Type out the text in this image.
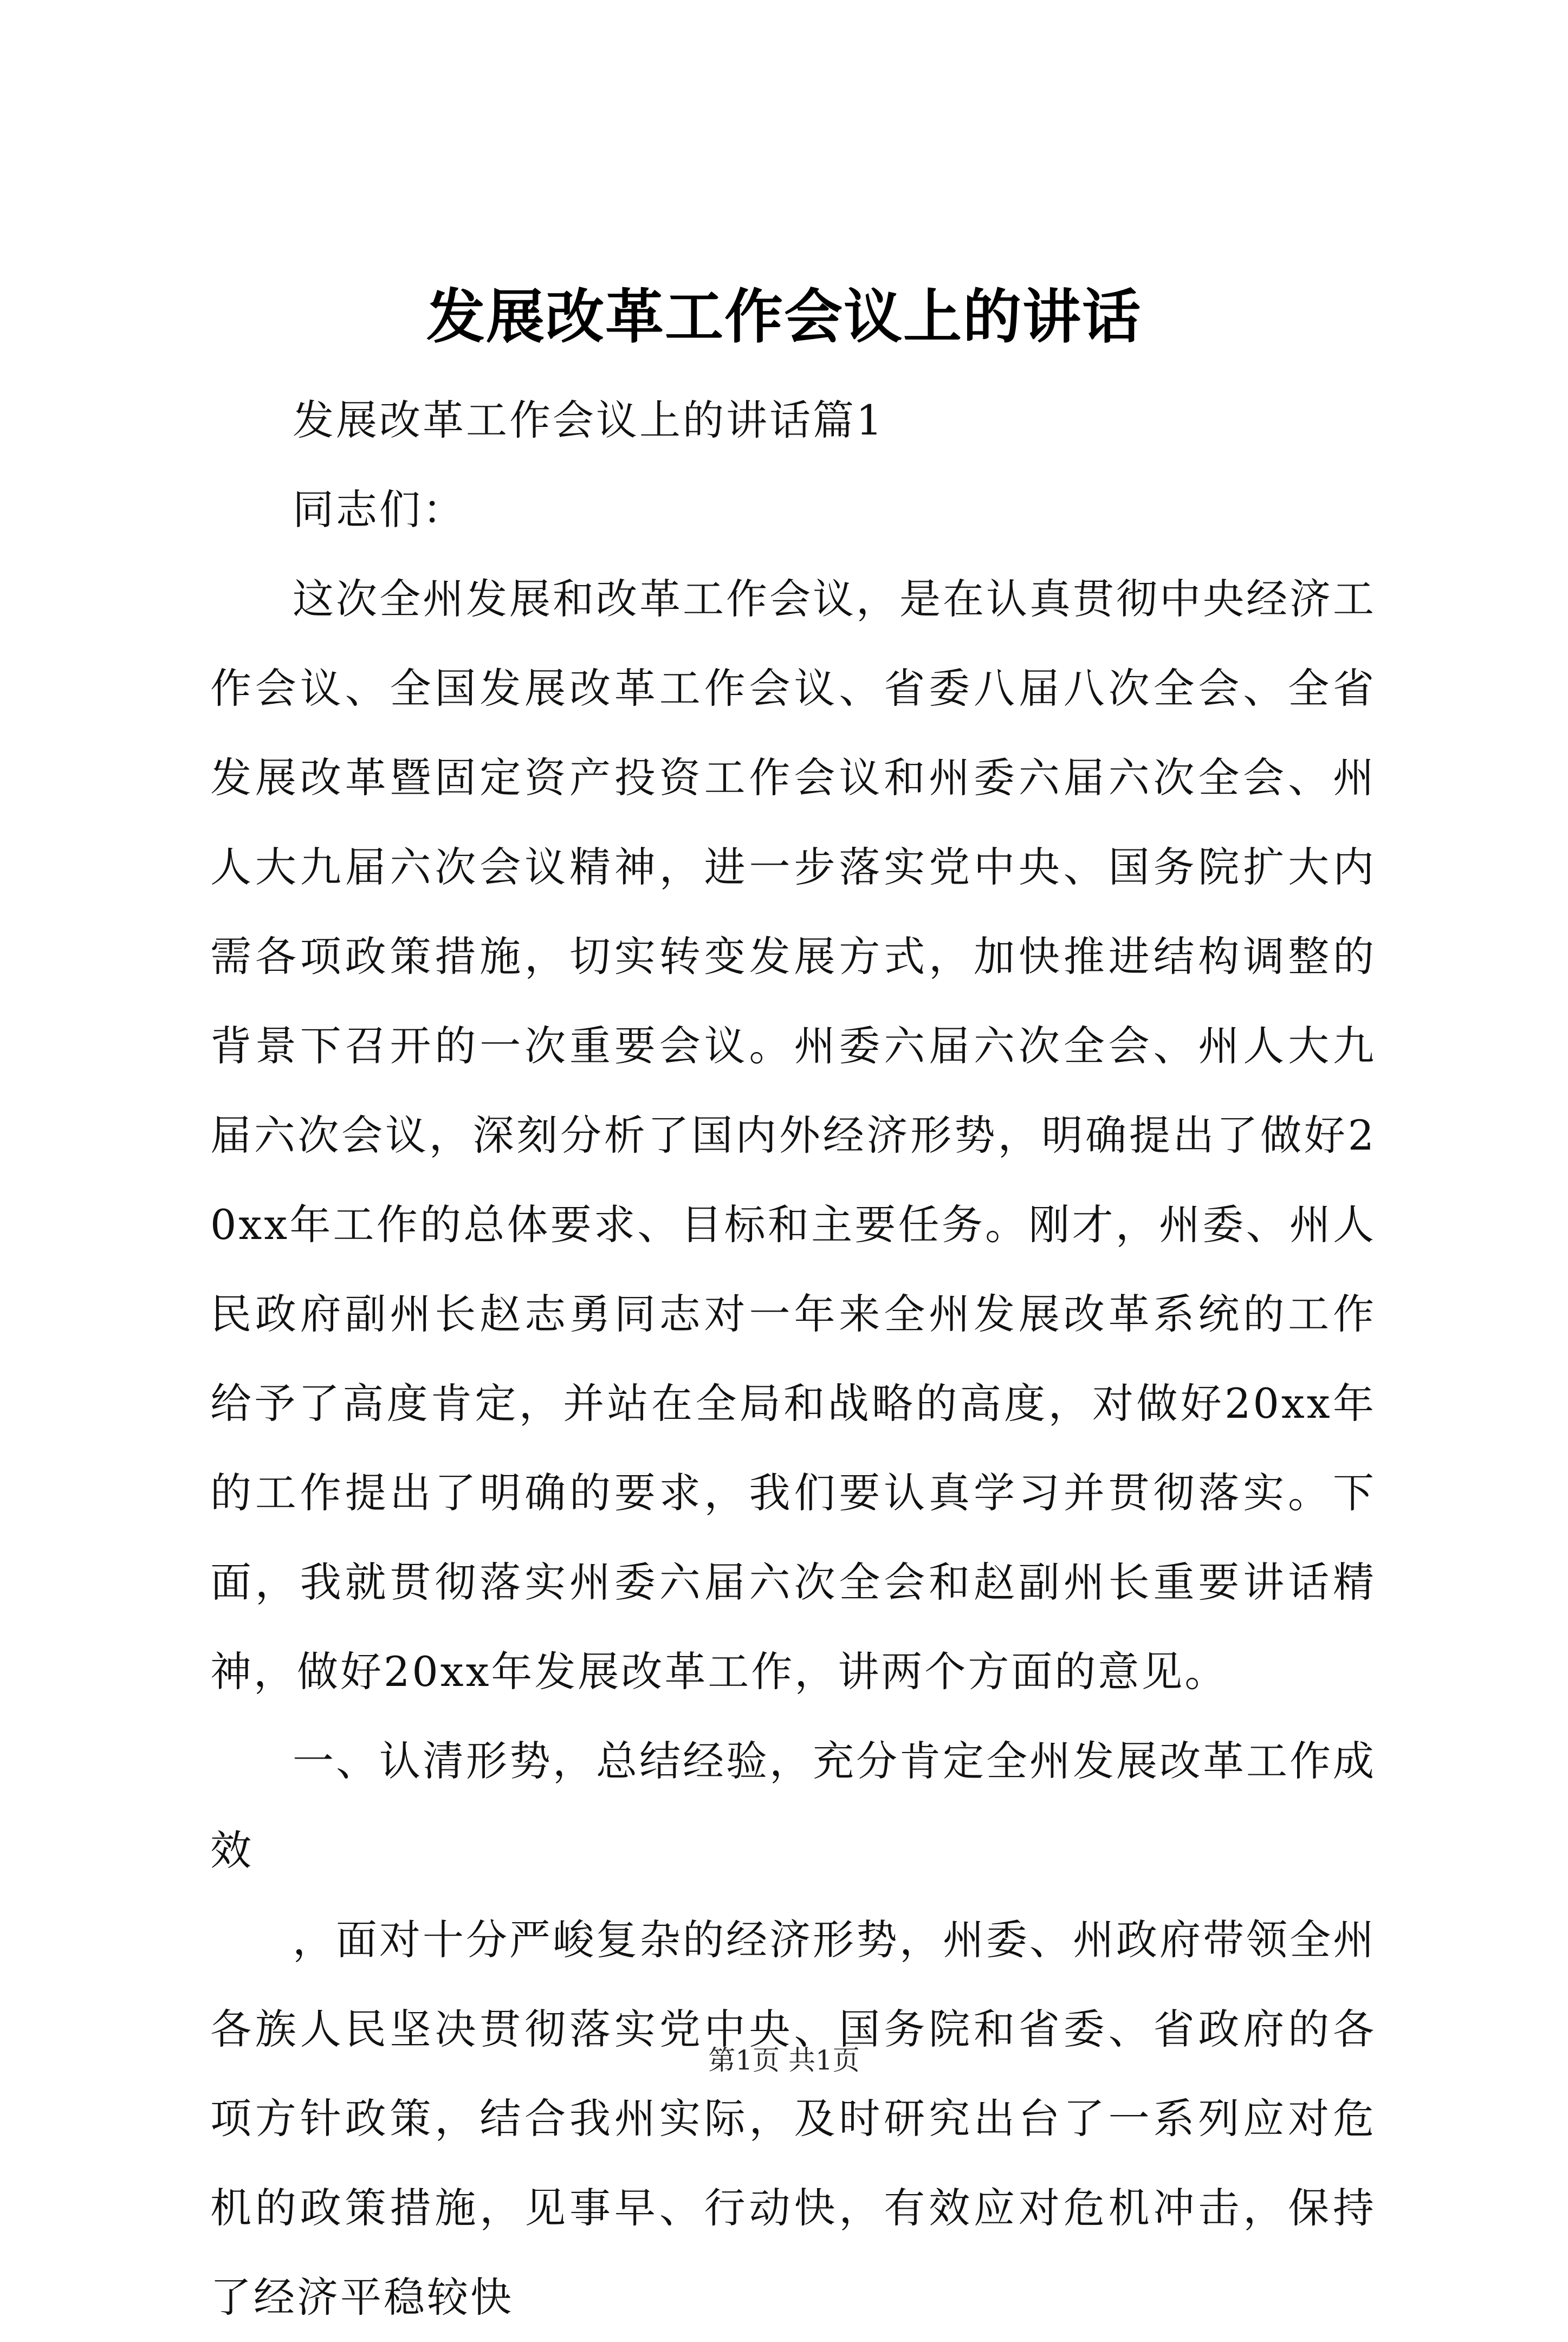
发展改革工作会议上的讲话

发展改革工作会议上的讲话篇1

同志们：

这次全州发展和改革工作会议，是在认真贯彻中央经济工作会议、全国发展改革工作会议、省委八届八次全会、全省发展改革暨固定资产投资工作会议和州委六届六次全会、州人大九届六次会议精神，进一步落实党中央、国务院扩大内需各项政策措施，切实转变发展方式，加快推进结构调整的背景下召开的一次重要会议。州委六届六次全会、州人大九届六次会议，深刻分析了国内外经济形势，明确提出了做好20xx年工作的总体要求、目标和主要任务。刚才，州委、州人民政府副州长赵志勇同志对一年来全州发展改革系统的工作给予了高度肯定，并站在全局和战略的高度，对做好20xx年的工作提出了明确的要求，我们要认真学习并贯彻落实。下面，我就贯彻落实州委六届六次全会和赵副州长重要讲话精神，做好20xx年发展改革工作，讲两个方面的意见。

一、认清形势，总结经验，充分肯定全州发展改革工作成效

，面对十分严峻复杂的经济形势，州委、州政府带领全州各族人民坚决贯彻落实党中央、国务院和省委、省政府的各项方针政策，结合我州实际，及时研究出台了一系列应对危机的政策措施，见事早、行动快，有效应对危机冲击，保持了经济平稳较快

第1页 共1页
